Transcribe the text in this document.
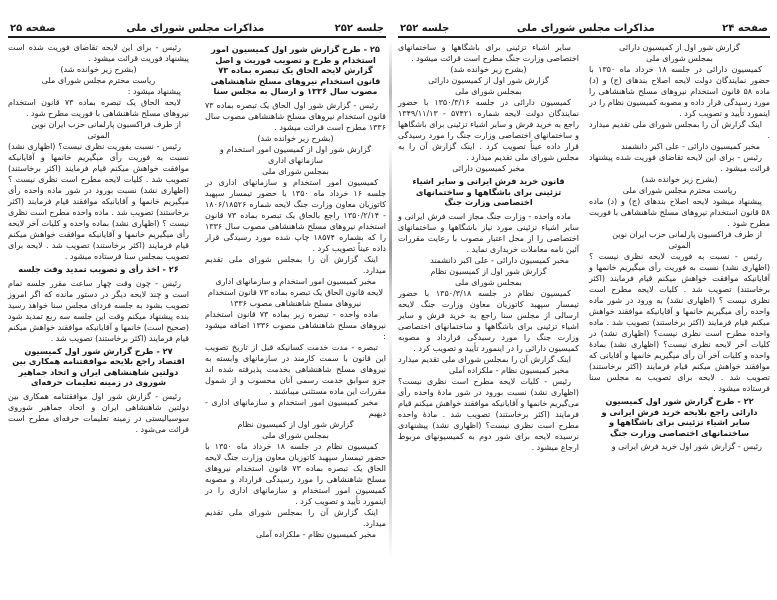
جلسه ۲۵۲
مذاکرات مجلس شورای ملی
صفحه ۲۵

۲۵ - طرح گزارش شور اول کمیسیون امور استخدام و طرح و تصویب فوریت و اصل گزارش لایحه الحاق یک تبصره بماده ۷۳ قانون استخدام نیروهای مسلح شاهنشاهی مصوب سال ۱۳۳۶ و ارسال به مجلس سنا

رئیس - گزارش شور اول الحاق یک تبصره بماده ۷۳ قانون استخدام نیروهای مسلح شاهنشاهی مصوب سال ۱۳۳۶ مطرح است قرائت میشود .

(بشرح زیر خوانده شد)

گزارش شور اول از کمیسیون امور استخدام و سازمانهای اداری

بمجلس شورای ملی

کمیسیون امور استخدام و سازمانهای اداری در جلسه ۱۶ خرداد ماه ۱۳۵۰ با حضور تیمسار سپهبد کاتوزیان معاون وزارت جنگ لایحه شماره ۱۸۰۶/۱۸۵۲۶ - ۱۳۵۰/۲/۱۴ راجع بالحاق یک تبصره بماده ۷۳ قانون استخدام نیروهای مسلح شاهنشاهی مصوب سال ۱۳۳۶ را که بشماره ۱۸۵۷۴ چاپ شده مورد رسیدگی قرار داده عیناً تصویب کرد .

اینک گزارش آن را بمجلس شورای ملی تقدیم میدارد.

مخبر کمیسیون امور استخدام و سازمانهای اداری

لایحه قانون الحاق یک تبصره بماده ۷۳ قانون استخدام نیروهای مسلح شاهنشاهی مصوب ۱۳۳۶

ماده واحده - تبصره زیر بماده ۷۳ قانون استخدام نیروهای مسلح شاهنشاهی مصوب ۱۳۳۶ اضافه میشود :

تبصره - مدت خدمت کسانیکه قبل از تاریخ تصویب این قانون با سمت کارمند در سازمانهای وابسته به نیروهای مسلح شاهنشاهی بخدمت پذیرفته شده اند جزو سوابق خدمت رسمی آنان محسوب و از شمول مقررات این ماده مستثنی میباشند .

مخبر کمیسیون امور استخدام و سازمانهای اداری - دیهیم

گزارش شور اول از کمیسیون نظام

بمجلس شورای ملی

کمیسیون نظام در جلسه ۱۸ خرداد ماه ۱۳۵۰ با حضور تیمسار سپهبد کاتوزیان معاون وزارت جنگ لایحه الحاق یک تبصره بماده ۷۳ قانون استخدام نیروهای مسلح شاهنشاهی را مورد رسیدگی قرارداد و مصوبه کمیسیون امور استخدام و سازمانهای اداری را در اینمورد تأیید و تصویب کرد .

اینک گزارش آن را بمجلس شورای ملی تقدیم میدارد.

مخبر کمیسیون نظام - ملکزاده آملی

رئیس - برای این لایحه تقاضای فوریت شده است پیشنهاد فوریت قرائت میشود .

(بشرح زیر خوانده شد)

ریاست محترم مجلس شورای ملی

پیشنهاد میشود :

لایحه الحاق یک تبصره بماده ۷۳ قانون استخدام نیروهای مسلح شاهنشاهی با فوریت مطرح شود .

از طرف فراکسیون پارلمانی حزب ایران نوین

الموتی

رئیس - نسبت بفوریت نظری نیست؟ (اظهاری نشد) نسبت به فوریت رأی میگیریم خانمها و آقایانیکه موافقت خواهش میکنم قیام فرمایند (اکثر برخاستند) تصویب شد . کلیات لایحه مطرح است نظری نیست ؟ (اظهاری نشد) نسبت بورود در شور ماده واحده رأی میگیریم خانمها و آقایانیکه موافقند قیام فرمایند (اکثر برخاستند) تصویب شد . ماده واحده مطرح است نظری نیست ؟ (اظهاری نشد) بماده واحده و کلیات آخر لایحه رأی میگیریم خانمها و آقایانیکه موافقت خواهش میکنم قیام فرمایند (اکثر برخاستند) تصویب شد . لایحه برای تصویب بمجلس سنا فرستاده میشود .

۲۶ - اخذ رأی و تصویب تمدید وقت جلسه

رئیس - چون وقت چهار ساعت مقرر جلسه تمام است و چند لایحه دیگر در دستور مانده که اگر امروز تصویب بشود به جلسه فردای مجلس سنا خواهد رسید بنده پیشنهاد میکنم وقت این جلسه سه ربع تمدید شود (صحیح است) خانمها و آقایانیکه موافقند خواهش میکنم قیام فرمایند (اکثر برخاستند) تصویب شد .

۲۷ - طرح گزارش شور اول کمیسیون اقتصاد راجع بلایحه موافقتنامه همکاری بین دولتین شاهنشاهی ایران و اتحاد جماهیر شوروی در زمینه تعلیمات حرفه‌ای

رئیس - گزارش شور اول موافقتنامه همکاری بین دولتین شاهنشاهی ایران و اتحاد جماهیر شوروی سوسیالیستی در زمینه تعلیمات حرفه‌ای مطرح است قرائت می‌شود .

صفحه ۲۴
مذاکرات مجلس شورای ملی
جلسه ۲۵۲

گزارش شور اول از کمیسیون دارائی

بمجلس شورای ملی

کمیسیون دارائی در جلسه ۱۸ خرداد ماه ۱۳۵۰ با حضور نمایندگان دولت لایحه اصلاح بندهای (ج) و (د) ماده ۵۸ قانون استخدام نیروهای مسلح شاهنشاهی را مورد رسیدگی قرار داده و مصوبه کمیسیون نظام را در اینمورد تأیید و تصویب کرد .

اینک گزارش آن را بمجلس شورای ملی تقدیم میدارد .

مخبر کمیسیون دارائی - علی اکبر دانشمند

رئیس - برای این لایحه تقاضای فوریت شده پیشنهاد قرائت میشود .

(بشرح زیر خوانده شد)

ریاست محترم مجلس شورای ملی

پیشنهاد میشود لایحه اصلاح بندهای (ج) و (د) ماده ۵۸ قانون استخدام نیروهای مسلح شاهنشاهی با فوریت مطرح شود .

از طرف فراکسیون پارلمانی حزب ایران نوین

الموتی

رئیس - نسبت به فوریت لایحه نظری نیست ؟ (اظهاری نشد) نسبت به فوریت رأی میگیریم خانمها و آقایانیکه موافقت خواهش میکنم قیام فرمایند (اکثر برخاستند) تصویب شد . کلیات لایحه مطرح است نظری نیست ؟ (اظهاری نشد) به ورود در شور ماده واحده رأی میگیریم خانمها و آقایانیکه موافقند خواهش میکنم قیام فرمایند (اکثر برخاستند) تصویب شد . ماده واحده مطرح است نظری نیست؟ (اظهاری نشد) در کلیات آخر لایحه نظری نیست؟ (اظهاری نشد) بمادهٔ واحده و کلیات آخر آن رأی میگیریم خانمها و آقایانی که موافقند خواهش میکنم قیام فرمایند (اکثر برخاستند) تصویب شد . لایحه برای تصویب به مجلس سنا فرستاده میشود .

۲۲ - طرح گزارش شور اول کمیسیون دارائی راجع بلایحه خرید فرش ایرانی و سایر اشیاء تزئینی برای باشگاهها و ساختمانهای اختصاصی وزارت جنگ

رئیس - گزارش شور اول خرید فرش ایرانی و

سایر اشیاء تزئینی برای باشگاهها و ساختمانهای اختصاصی وزارت جنگ مطرح است قرائت میشود .

(بشرح زیر خوانده شد)

گزارش شور اول از کمیسیون دارائی

بمجلس شورای ملی

کمیسیون دارائی در جلسه ۱۳۵۰/۳/۱۶ با حضور نمایندگان دولت لایحه شماره ۵۷۴۲۱ - ۱۳۴۹/۱۱/۱۳ راجع به خرید فرش و سایر اشیاء تزئینی برای باشگاهها و ساختمانهای اختصاصی وزارت جنگ را مورد رسیدگی قرار داده عیناً تصویب کرد . اینک گزارش آن را به مجلس شورای ملی تقدیم میدارد .

مخبر کمیسیون دارائی

قانون خرید فرش ایرانی و سایر اشیاء تزئینی برای باشگاهها و ساختمانهای اختصاصی وزارت جنگ

ماده واحده - وزارت جنگ مجاز است فرش ایرانی و سایر اشیاء تزئینی مورد نیاز باشگاهها و ساختمانهای اختصاصی را از محل اعتبار مصوب با رعایت مقررات آئین نامه معاملات خریداری نماید .

مخبر کمیسیون دارائی - علی اکبر دانشمند

گزارش شور اول از کمیسیون نظام

بمجلس شورای ملی

کمیسیون نظام در جلسه ۱۳۵۰/۳/۱۸ با حضور تیمسار سپهبد کاتوزیان معاون وزارت جنگ لایحه ارسالی از مجلس سنا راجع به خرید فرش و سایر اشیاء تزئینی برای باشگاهها و ساختمانهای اختصاصی وزارت جنگ را مورد رسیدگی قرارداد و مصوبه کمیسیون دارائی را در اینمورد تأیید و تصویب کرد .

اینک گزارش آن را بمجلس شورای ملی تقدیم میدارد

مخبر کمیسیون نظام - ملکزاده آملی

رئیس - کلیات لایحه مطرح است نظری نیست؟ (اظهاری نشد) نسبت بورود در شور مادهٔ واحده رأی می‌گیریم خانمها و آقایانیکه موافقند خواهش میکنم قیام فرمایند (اکثر برخاستند) تصویب شد . مادهٔ واحده مطرح است نظری نیست؟ (اظهاری نشد) پیشنهادی نرسیده لایحه برای شور دوم به کمیسیونهای مربوط ارجاع میشود .
